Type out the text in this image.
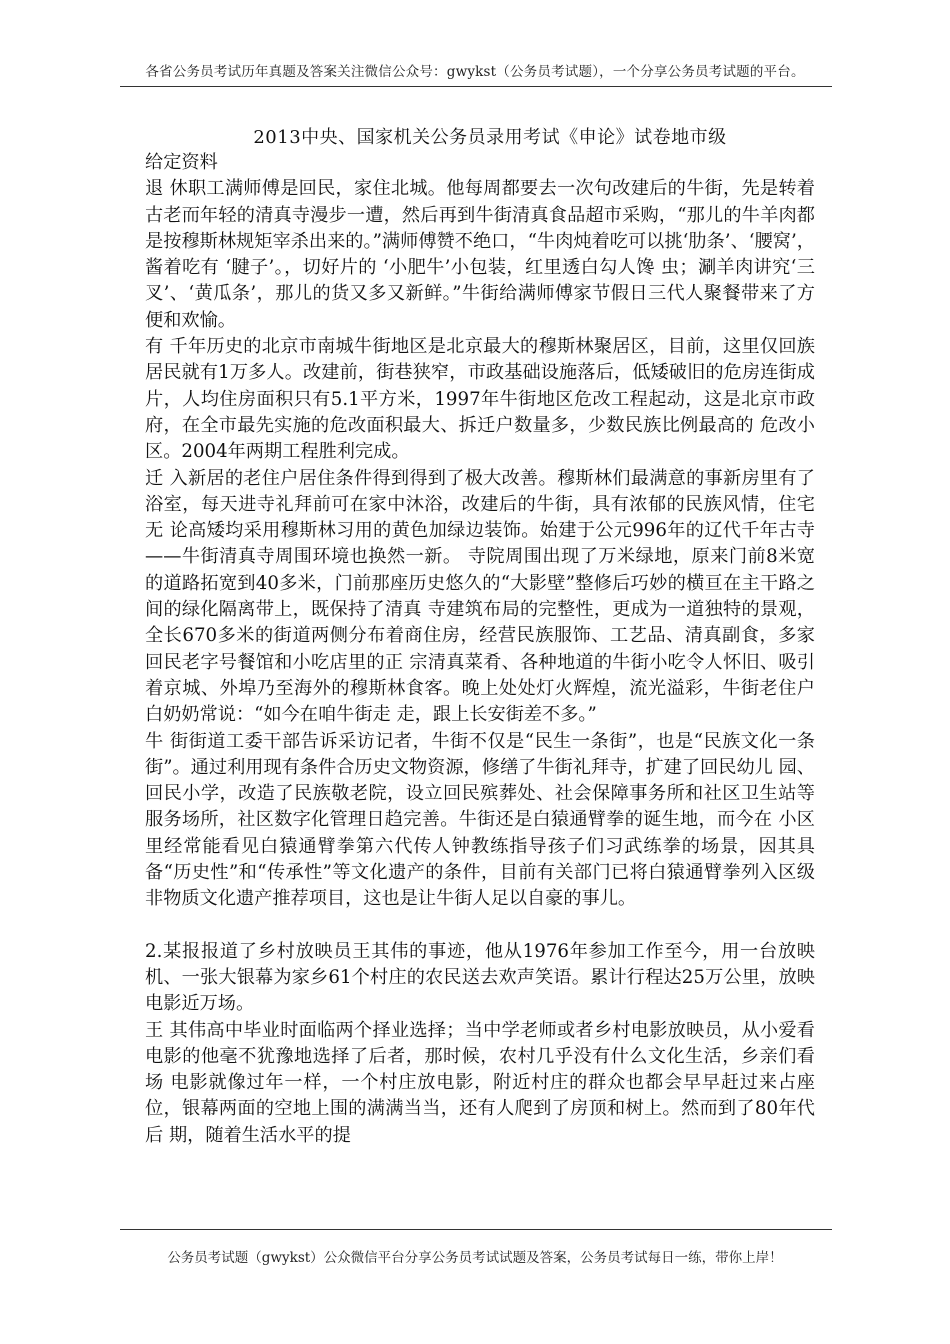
各省公务员考试历年真题及答案关注微信公众号：gwykst（公务员考试题），一个分享公务员考试题的平台。
2013中央、国家机关公务员录用考试《申论》试卷地市级

给定资料

退 休职工满师傅是回民，家住北城。他每周都要去一次句改建后的牛街，先是转着古老而年轻的清真寺漫步一遭，然后再到牛街清真食品超市采购，“那儿的牛羊肉都 是按穆斯林规矩宰杀出来的。”满师傅赞不绝口，“牛肉炖着吃可以挑‘肋条’、‘腰窝’，酱着吃有 ‘腱子’。，切好片的 ‘小肥牛’小包装，红里透白勾人馋 虫；涮羊肉讲究‘三叉’、‘黄瓜条’，那儿的货又多又新鲜。”牛街给满师傅家节假日三代人聚餐带来了方便和欢愉。

有 千年历史的北京市南城牛街地区是北京最大的穆斯林聚居区，目前，这里仅回族居民就有1万多人。改建前，街巷狭窄，市政基础设施落后，低矮破旧的危房连街成 片，人均住房面积只有5.1平方米，1997年牛街地区危改工程起动，这是北京市政府，在全市最先实施的危改面积最大、拆迁户数量多，少数民族比例最高的 危改小区。2004年两期工程胜利完成。

迁 入新居的老住户居住条件得到得到了极大改善。穆斯林们最满意的事新房里有了浴室，每天进寺礼拜前可在家中沐浴，改建后的牛街，具有浓郁的民族风情，住宅无 论高矮均采用穆斯林习用的黄色加绿边装饰。始建于公元996年的辽代千年古寺——牛街清真寺周围环境也换然一新。 寺院周围出现了万米绿地，原来门前8米宽的道路拓宽到40多米，门前那座历史悠久的“大影壁”整修后巧妙的横亘在主干路之间的绿化隔离带上，既保持了清真 寺建筑布局的完整性，更成为一道独特的景观，全长670多米的街道两侧分布着商住房，经营民族服饰、工艺品、清真副食，多家回民老字号餐馆和小吃店里的正 宗清真菜肴、各种地道的牛街小吃令人怀旧、吸引着京城、外埠乃至海外的穆斯林食客。晚上处处灯火辉煌，流光溢彩，牛街老住户白奶奶常说：“如今在咱牛街走 走，跟上长安街差不多。”

牛 街街道工委干部告诉采访记者，牛街不仅是“民生一条街”，也是“民族文化一条街”。通过利用现有条件合历史文物资源，修缮了牛街礼拜寺，扩建了回民幼儿 园、回民小学，改造了民族敬老院，设立回民殡葬处、社会保障事务所和社区卫生站等服务场所，社区数字化管理日趋完善。牛街还是白猿通臂拳的诞生地，而今在 小区里经常能看见白猿通臂拳第六代传人钟教练指导孩子们习武练拳的场景，因其具备“历史性”和“传承性”等文化遗产的条件，目前有关部门已将白猿通臂拳列入区级非物质文化遗产推荐项目，这也是让牛街人足以自豪的事儿。

2.某报报道了乡村放映员王其伟的事迹，他从1976年参加工作至今，用一台放映机、一张大银幕为家乡61个村庄的农民送去欢声笑语。累计行程达25万公里，放映电影近万场。

王 其伟高中毕业时面临两个择业选择；当中学老师或者乡村电影放映员，从小爱看电影的他毫不犹豫地选择了后者，那时候，农村几乎没有什么文化生活，乡亲们看场 电影就像过年一样，一个村庄放电影，附近村庄的群众也都会早早赶过来占座位，银幕两面的空地上围的满满当当，还有人爬到了房顶和树上。然而到了80年代后 期，随着生活水平的提

公务员考试题（gwykst）公众微信平台分享公务员考试试题及答案，公务员考试每日一练，带你上岸！
